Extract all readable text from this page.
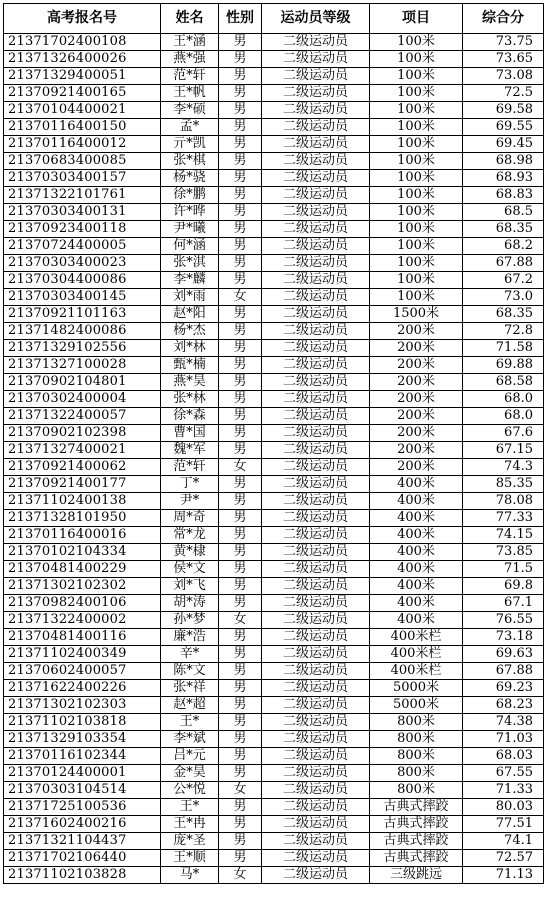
高考报名号	姓名	性别	运动员等级	项目	综合分
21371702400108	王*涵	男	二级运动员	100米	73.75
21371326400026	燕*强	男	二级运动员	100米	73.65
21371329400051	范*轩	男	二级运动员	100米	73.08
21370921400165	王*帆	男	二级运动员	100米	72.5
21370104400021	李*硕	男	二级运动员	100米	69.58
21370116400150	孟*	男	二级运动员	100米	69.55
21370116400012	亓*凯	男	二级运动员	100米	69.45
21370683400085	张*棋	男	二级运动员	100米	68.98
21370303400157	杨*骁	男	二级运动员	100米	68.93
21371322101761	徐*鹏	男	二级运动员	100米	68.83
21370303400131	许*晔	男	二级运动员	100米	68.5
21370923400118	尹*曦	男	二级运动员	100米	68.35
21370724400005	何*涵	男	二级运动员	100米	68.2
21370303400023	张*淇	男	二级运动员	100米	67.88
21370304400086	李*麟	男	二级运动员	100米	67.2
21370303400145	刘*雨	女	二级运动员	100米	73.0
21370921101163	赵*阳	男	二级运动员	1500米	68.35
21371482400086	杨*杰	男	二级运动员	200米	72.8
21371329102556	刘*林	男	二级运动员	200米	71.58
21371327100028	甄*楠	男	二级运动员	200米	69.88
21370902104801	燕*昊	男	二级运动员	200米	68.58
21370302400004	张*林	男	二级运动员	200米	68.0
21371322400057	徐*森	男	二级运动员	200米	68.0
21370902102398	曹*国	男	二级运动员	200米	67.6
21371327400021	魏*军	男	二级运动员	200米	67.15
21370921400062	范*轩	女	二级运动员	200米	74.3
21370921400177	丁*	男	二级运动员	400米	85.35
21371102400138	尹*	男	二级运动员	400米	78.08
21371328101950	周*奇	男	二级运动员	400米	77.33
21370116400016	常*龙	男	二级运动员	400米	74.15
21370102104334	黄*棣	男	二级运动员	400米	73.85
21370481400229	侯*文	男	二级运动员	400米	71.5
21371302102302	刘*飞	男	二级运动员	400米	69.8
21370982400106	胡*涛	男	二级运动员	400米	67.1
21371322400002	孙*梦	女	二级运动员	400米	76.55
21370481400116	廉*浩	男	二级运动员	400米栏	73.18
21371102400349	辛*	男	二级运动员	400米栏	69.63
21370602400057	陈*文	男	二级运动员	400米栏	67.88
21371622400226	张*祥	男	二级运动员	5000米	69.23
21371302102303	赵*超	男	二级运动员	5000米	68.23
21371102103818	王*	男	二级运动员	800米	74.38
21371329103354	李*斌	男	二级运动员	800米	71.03
21370116102344	吕*元	男	二级运动员	800米	68.03
21370124400001	金*昊	男	二级运动员	800米	67.55
21370303104514	公*悦	女	二级运动员	800米	71.33
21371725100536	王*	男	二级运动员	古典式摔跤	80.03
21371602400216	王*冉	男	二级运动员	古典式摔跤	77.51
21371321104437	庞*圣	男	二级运动员	古典式摔跤	74.1
21371702106440	王*顺	男	二级运动员	古典式摔跤	72.57
21371102103828	马*	女	二级运动员	三级跳远	71.13
